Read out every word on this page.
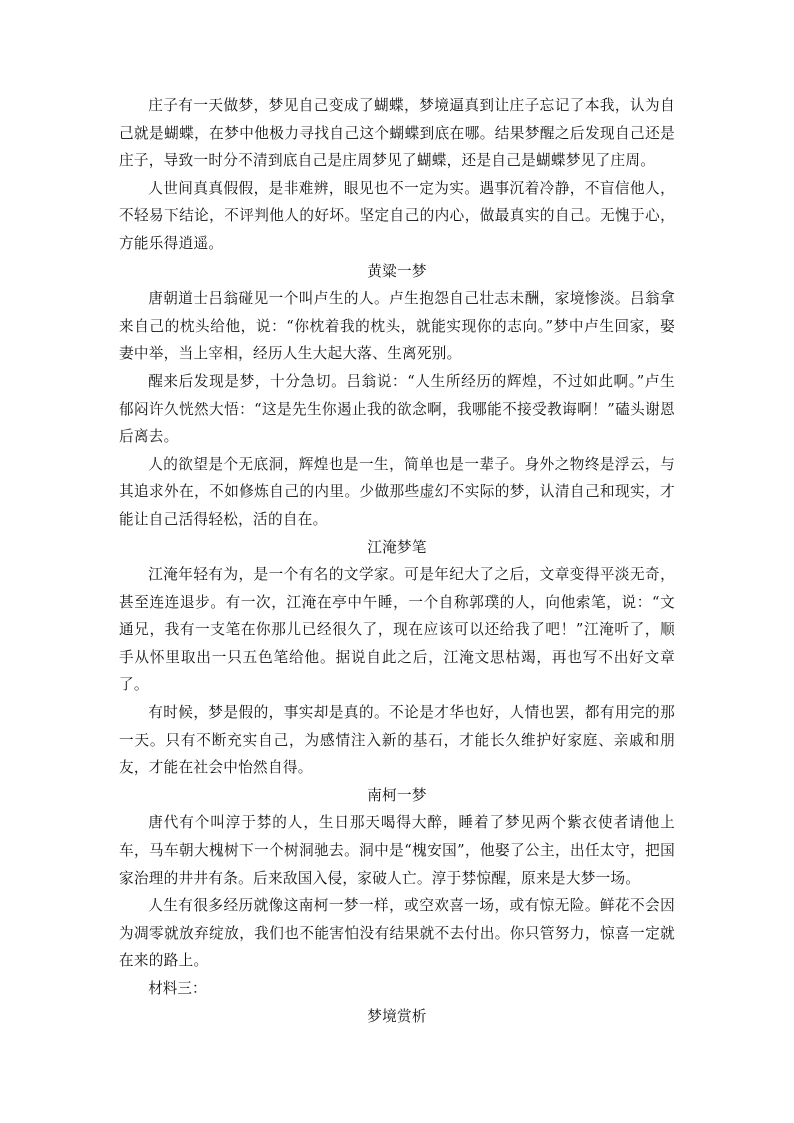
庄子有一天做梦，梦见自己变成了蝴蝶，梦境逼真到让庄子忘记了本我，认为自己就是蝴蝶，在梦中他极力寻找自己这个蝴蝶到底在哪。结果梦醒之后发现自己还是庄子，导致一时分不清到底自己是庄周梦见了蝴蝶，还是自己是蝴蝶梦见了庄周。

人世间真真假假，是非难辨，眼见也不一定为实。遇事沉着冷静，不盲信他人，不轻易下结论，不评判他人的好坏。坚定自己的内心，做最真实的自己。无愧于心，方能乐得逍遥。

黄粱一梦

唐朝道士吕翁碰见一个叫卢生的人。卢生抱怨自己壮志未酬，家境惨淡。吕翁拿来自己的枕头给他，说：“你枕着我的枕头，就能实现你的志向。”梦中卢生回家，娶妻中举，当上宰相，经历人生大起大落、生离死别。

醒来后发现是梦，十分急切。吕翁说：“人生所经历的辉煌，不过如此啊。”卢生郁闷许久恍然大悟：“这是先生你遏止我的欲念啊，我哪能不接受教诲啊！”磕头谢恩后离去。

人的欲望是个无底洞，辉煌也是一生，简单也是一辈子。身外之物终是浮云，与其追求外在，不如修炼自己的内里。少做那些虚幻不实际的梦，认清自己和现实，才能让自己活得轻松，活的自在。

江淹梦笔

江淹年轻有为，是一个有名的文学家。可是年纪大了之后，文章变得平淡无奇，甚至连连退步。有一次，江淹在亭中午睡，一个自称郭璞的人，向他索笔，说：“文通兄，我有一支笔在你那儿已经很久了，现在应该可以还给我了吧！”江淹听了，顺手从怀里取出一只五色笔给他。据说自此之后，江淹文思枯竭，再也写不出好文章了。

有时候，梦是假的，事实却是真的。不论是才华也好，人情也罢，都有用完的那一天。只有不断充实自己，为感情注入新的基石，才能长久维护好家庭、亲戚和朋友，才能在社会中怡然自得。

南柯一梦

唐代有个叫淳于棼的人，生日那天喝得大醉，睡着了梦见两个紫衣使者请他上车，马车朝大槐树下一个树洞驰去。洞中是“槐安国”，他娶了公主，出任太守，把国家治理的井井有条。后来敌国入侵，家破人亡。淳于棼惊醒，原来是大梦一场。

人生有很多经历就像这南柯一梦一样，或空欢喜一场，或有惊无险。鲜花不会因为凋零就放弃绽放，我们也不能害怕没有结果就不去付出。你只管努力，惊喜一定就在来的路上。

材料三：

梦境赏析
